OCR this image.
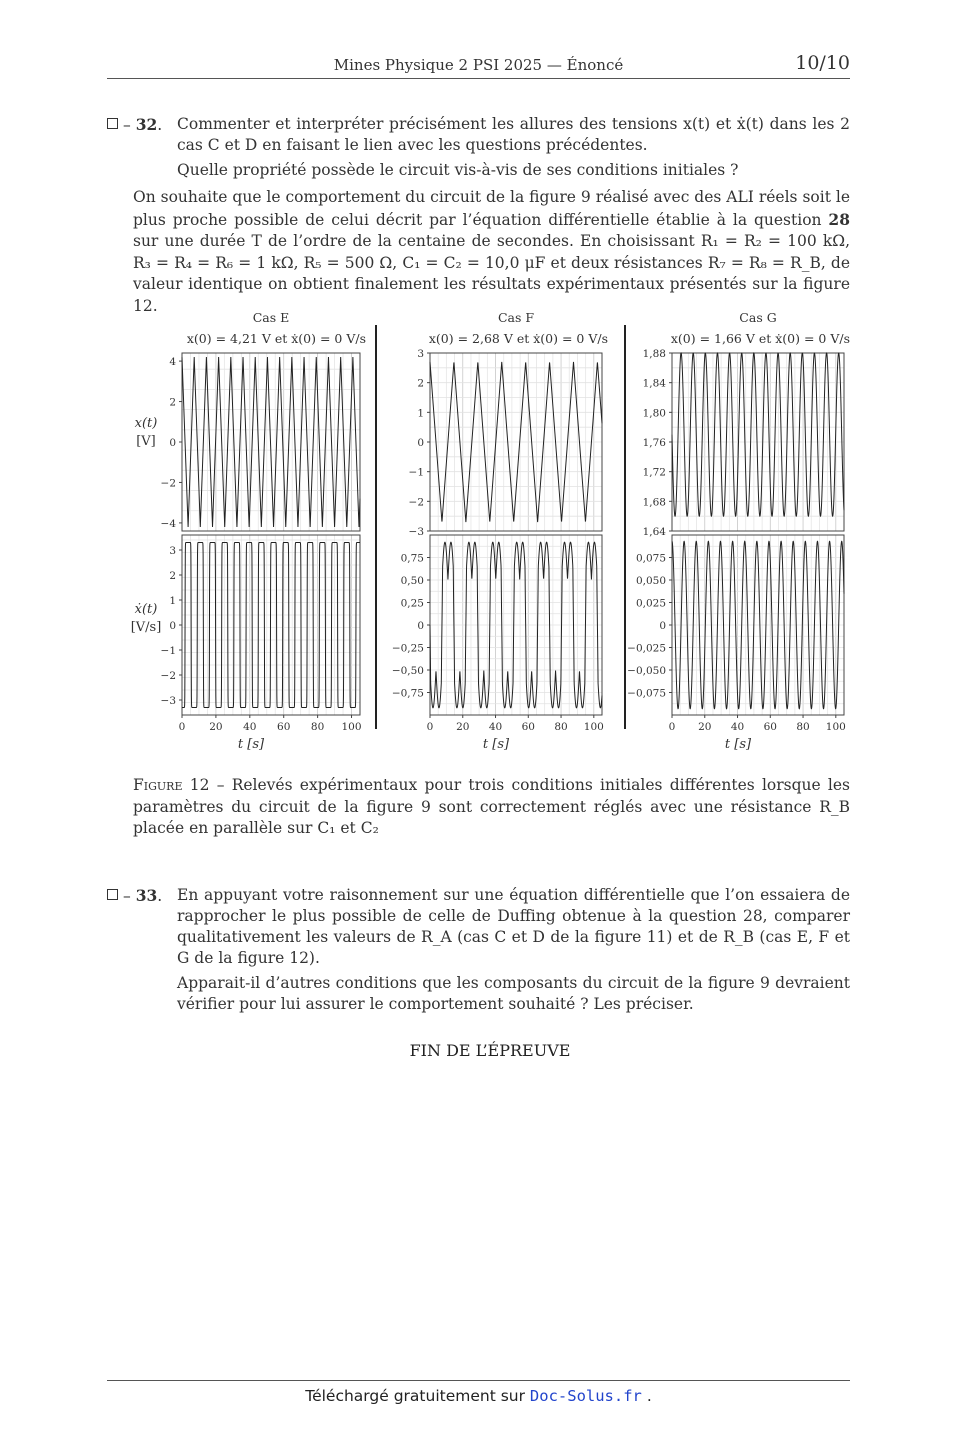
Mines Physique 2 PSI 2025 — Énoncé	10/10
– 32. Commenter et interpréter précisément les allures des tensions x(t) et ẋ(t) dans les 2 cas C et D en faisant le lien avec les questions précédentes.
Quelle propriété possède le circuit vis-à-vis de ses conditions initiales ?
On souhaite que le comportement du circuit de la figure 9 réalisé avec des ALI réels soit le plus proche possible de celui décrit par l’équation différentielle établie à la question 28 sur une durée T de l’ordre de la centaine de secondes. En choisissant R₁ = R₂ = 100 kΩ, R₃ = R₄ = R₆ = 1 kΩ, R₅ = 500 Ω, C₁ = C₂ = 10,0 μF et deux résistances R₇ = R₈ = R_B, de valeur identique on obtient finalement les résultats expérimentaux présentés sur la figure 12.
Cas E
x(0) = 4,21 V et ẋ(0) = 0 V/s
−4
−2
0
2
4
−3
−2
−1
0
1
2
3
0 20 40 60 80 100
t [s]
Cas F
x(0) = 2,68 V et ẋ(0) = 0 V/s
−3
−2
−1
0
1
2
3
−0,75
−0,50
−0,25
0
0,25
0,50
0,75
0 20 40 60 80 100
t [s]
Cas G
x(0) = 1,66 V et ẋ(0) = 0 V/s
1,64
1,68
1,72
1,76
1,80
1,84
1,88
−0,075
−0,050
−0,025
0
0,025
0,050
0,075
0 20 40 60 80 100
t [s]
x(t)
[V]
ẋ(t)
[V/s]
Figure 12 – Relevés expérimentaux pour trois conditions initiales différentes lorsque les paramètres du circuit de la figure 9 sont correctement réglés avec une résistance R_B placée en parallèle sur C₁ et C₂
– 33. En appuyant votre raisonnement sur une équation différentielle que l’on essaiera de rapprocher le plus possible de celle de Duffing obtenue à la question 28, comparer qualitativement les valeurs de R_A (cas C et D de la figure 11) et de R_B (cas E, F et G de la figure 12).
Apparait-il d’autres conditions que les composants du circuit de la figure 9 devraient vérifier pour lui assurer le comportement souhaité ? Les préciser.
FIN DE L’ÉPREUVE
Téléchargé gratuitement sur Doc-Solus.fr .
